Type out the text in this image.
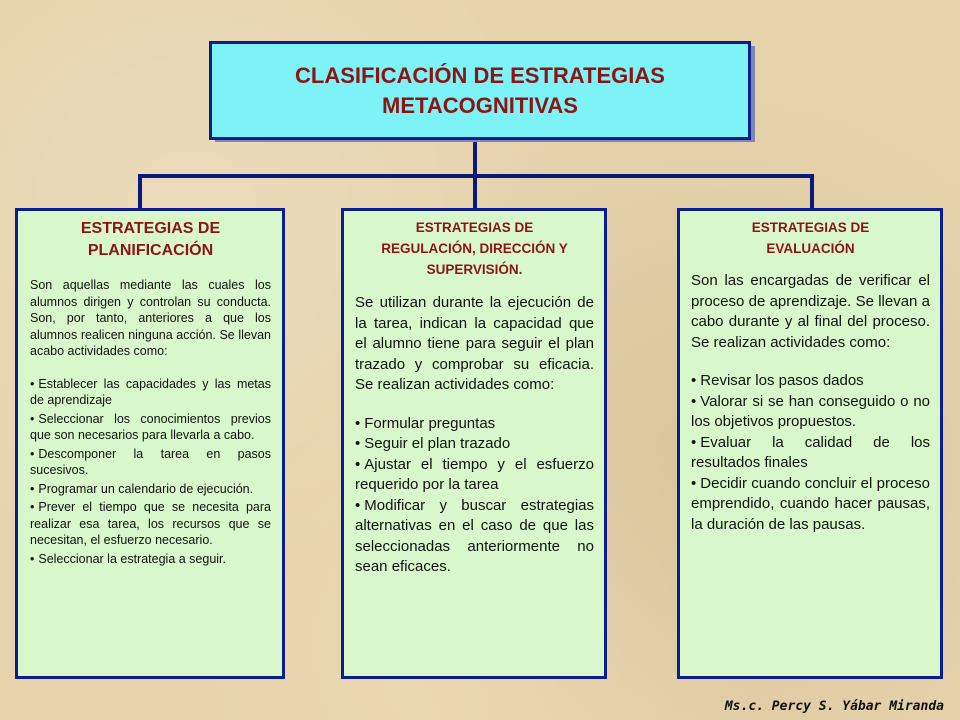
CLASIFICACIÓN DE ESTRATEGIAS
METACOGNITIVAS
ESTRATEGIAS DE
PLANIFICACIÓN
Son aquellas mediante las cuales los alumnos dirigen y controlan su conducta. Son, por tanto, anteriores a que los alumnos realicen ninguna acción. Se llevan acabo actividades como:
• Establecer las capacidades y las metas de aprendizaje
• Seleccionar los conocimientos previos que son necesarios para llevarla a cabo.
• Descomponer la tarea en pasos sucesivos.
• Programar un calendario de ejecución.
• Prever el tiempo que se necesita para realizar esa tarea, los recursos que se necesitan, el esfuerzo necesario.
• Seleccionar la estrategia a seguir.
ESTRATEGIAS DE
REGULACIÓN, DIRECCIÓN Y SUPERVISIÓN.
Se utilizan durante la ejecución de la tarea, indican la capacidad que el alumno tiene para seguir el plan trazado y comprobar su eficacia. Se realizan actividades como:
• Formular preguntas
• Seguir el plan trazado
• Ajustar el tiempo y el esfuerzo requerido por la tarea
• Modificar y buscar estrategias alternativas en el caso de que las seleccionadas anteriormente no sean eficaces.
ESTRATEGIAS DE
EVALUACIÓN
Son las encargadas de verificar el proceso de aprendizaje. Se llevan a cabo durante y al final del proceso. Se realizan actividades como:
• Revisar los pasos dados
• Valorar si se han conseguido o no los objetivos propuestos.
• Evaluar la calidad de los resultados finales
• Decidir cuando concluir el proceso emprendido, cuando hacer pausas, la duración de las pausas.
Ms.c. Percy S. Yábar Miranda
